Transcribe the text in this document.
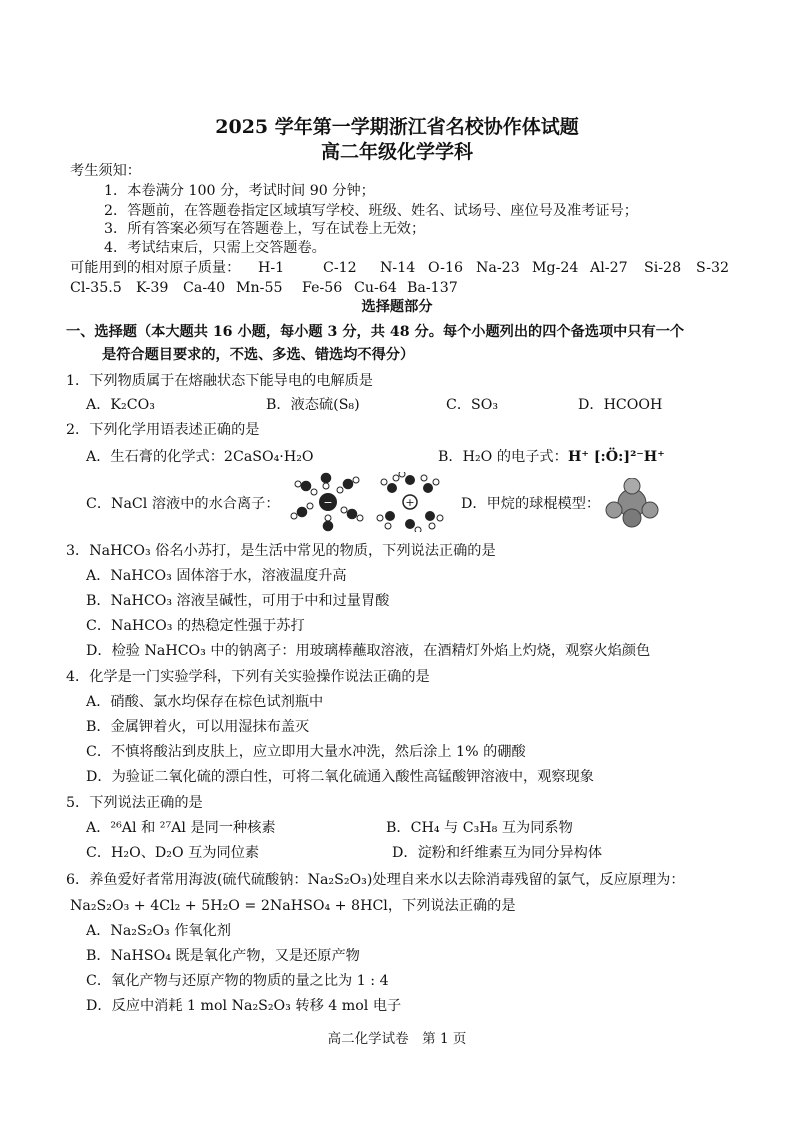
2025 学年第一学期浙江省名校协作体试题
高二年级化学学科
考生须知：
1．本卷满分 100 分，考试时间 90 分钟；
2．答题前，在答题卷指定区域填写学校、班级、姓名、试场号、座位号及准考证号；
3．所有答案必须写在答题卷上，写在试卷上无效；
4．考试结束后，只需上交答题卷。
可能用到的相对原子质量： H-1	C-12 N-14 O-16 Na-23 Mg-24 Al-27 Si-28 S-32
Cl-35.5 K-39 Ca-40 Mn-55 Fe-56 Cu-64 Ba-137
选择题部分
一、选择题（本大题共 16 小题，每小题 3 分，共 48 分。每个小题列出的四个备选项中只有一个
是符合题目要求的，不选、多选、错选均不得分）
1．下列物质属于在熔融状态下能导电的电解质是
A．K₂CO₃	B．液态硫(S₈)	C．SO₃	D．HCOOH
2．下列化学用语表述正确的是
A．生石膏的化学式：2CaSO₄·H₂O	B．H₂O 的电子式： H⁺ [:Ö:]²⁻H⁺
C．NaCl 溶液中的水合离子：	−	+	D．甲烷的球棍模型：
3．NaHCO₃ 俗名小苏打，是生活中常见的物质，下列说法正确的是
A．NaHCO₃ 固体溶于水，溶液温度升高
B．NaHCO₃ 溶液呈碱性，可用于中和过量胃酸
C．NaHCO₃ 的热稳定性强于苏打
D．检验 NaHCO₃ 中的钠离子：用玻璃棒蘸取溶液，在酒精灯外焰上灼烧，观察火焰颜色
4．化学是一门实验学科，下列有关实验操作说法正确的是
A．硝酸、氯水均保存在棕色试剂瓶中
B．金属钾着火，可以用湿抹布盖灭
C．不慎将酸沾到皮肤上，应立即用大量水冲洗，然后涂上 1% 的硼酸
D．为验证二氧化硫的漂白性，可将二氧化硫通入酸性高锰酸钾溶液中，观察现象
5．下列说法正确的是
A．²⁶Al 和 ²⁷Al 是同一种核素	B．CH₄ 与 C₃H₈ 互为同系物
C．H₂O、D₂O 互为同位素	D．淀粉和纤维素互为同分异构体
6．养鱼爱好者常用海波(硫代硫酸钠：Na₂S₂O₃)处理自来水以去除消毒残留的氯气，反应原理为：
Na₂S₂O₃ + 4Cl₂ + 5H₂O = 2NaHSO₄ + 8HCl，下列说法正确的是
A．Na₂S₂O₃ 作氧化剂
B．NaHSO₄ 既是氧化产物，又是还原产物
C．氧化产物与还原产物的物质的量之比为 1 : 4
D．反应中消耗 1 mol Na₂S₂O₃ 转移 4 mol 电子
高二化学试卷　第 1 页
